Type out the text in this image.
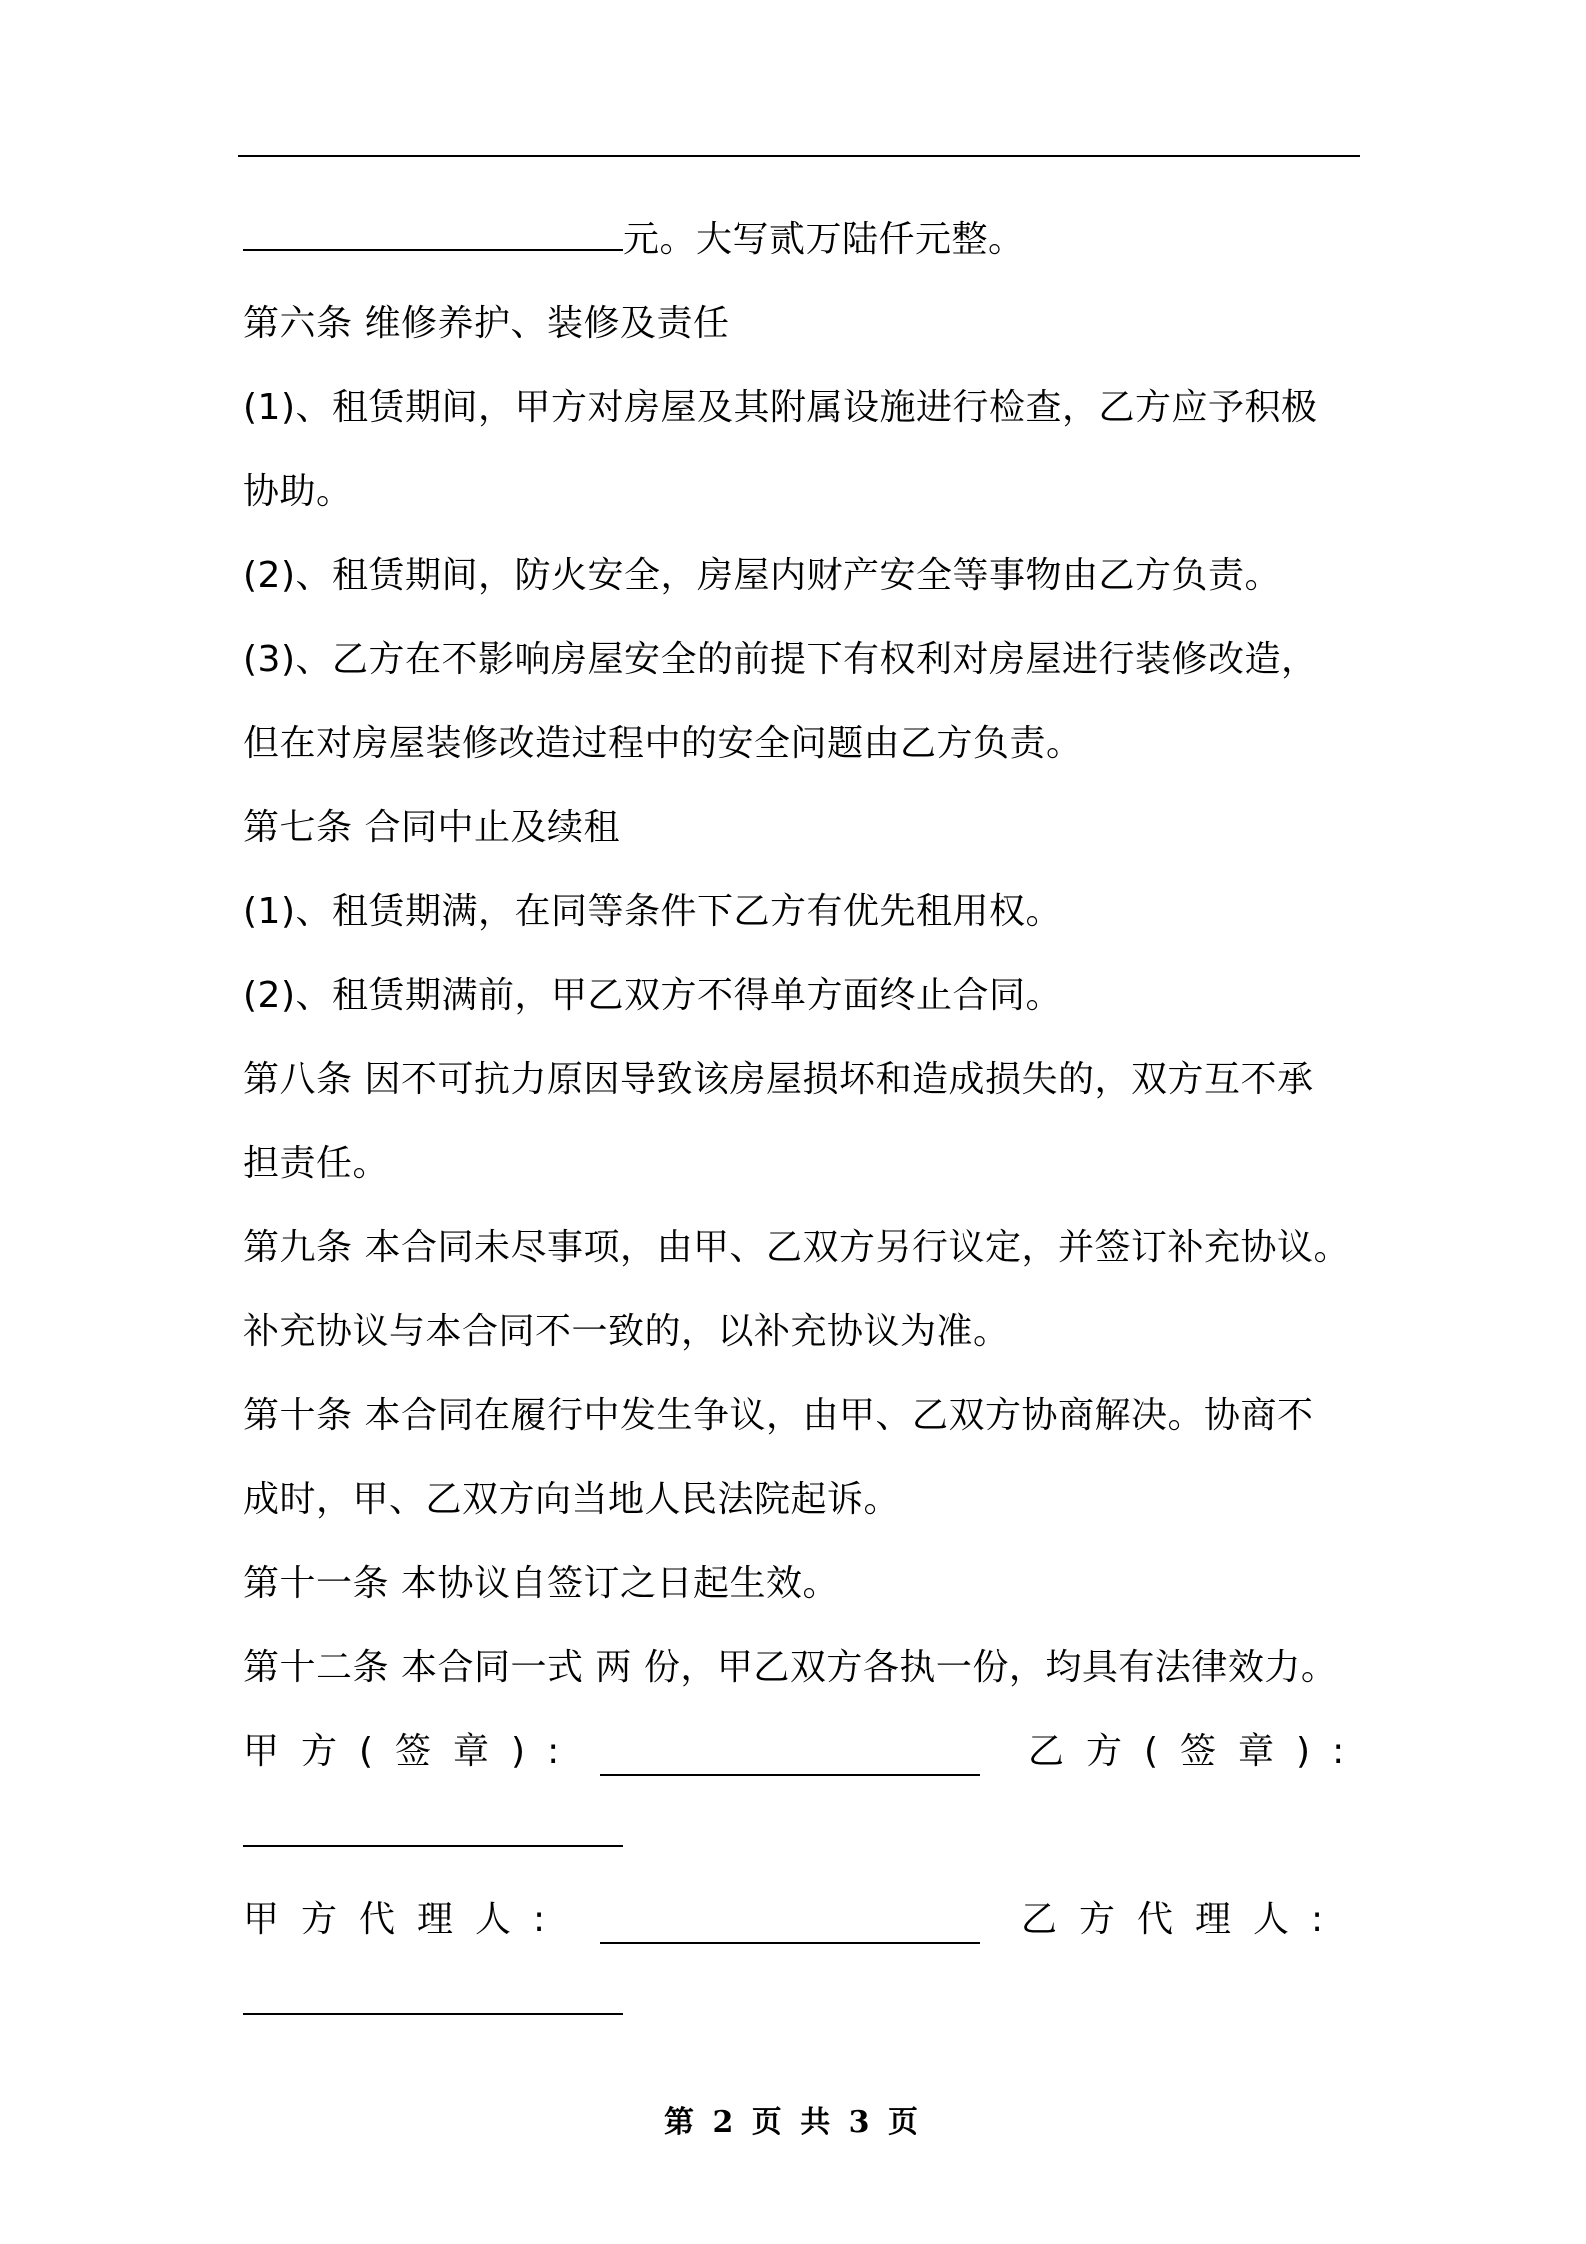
元。大写贰万陆仟元整。
第六条 维修养护、装修及责任
(1)、租赁期间，甲方对房屋及其附属设施进行检查，乙方应予积极
协助。
(2)、租赁期间，防火安全，房屋内财产安全等事物由乙方负责。
(3)、乙方在不影响房屋安全的前提下有权利对房屋进行装修改造，
但在对房屋装修改造过程中的安全问题由乙方负责。
第七条 合同中止及续租
(1)、租赁期满，在同等条件下乙方有优先租用权。
(2)、租赁期满前，甲乙双方不得单方面终止合同。
第八条 因不可抗力原因导致该房屋损坏和造成损失的，双方互不承
担责任。
第九条 本合同未尽事项，由甲、乙双方另行议定，并签订补充协议。
补充协议与本合同不一致的，以补充协议为准。
第十条 本合同在履行中发生争议，由甲、乙双方协商解决。协商不
成时，甲、乙双方向当地人民法院起诉。
第十一条 本协议自签订之日起生效。
第十二条 本合同一式 两 份，甲乙双方各执一份，均具有法律效力。
甲方(签章):	乙方(签章):
甲方代理人:	乙方代理人:
第 2 页 共 3 页
